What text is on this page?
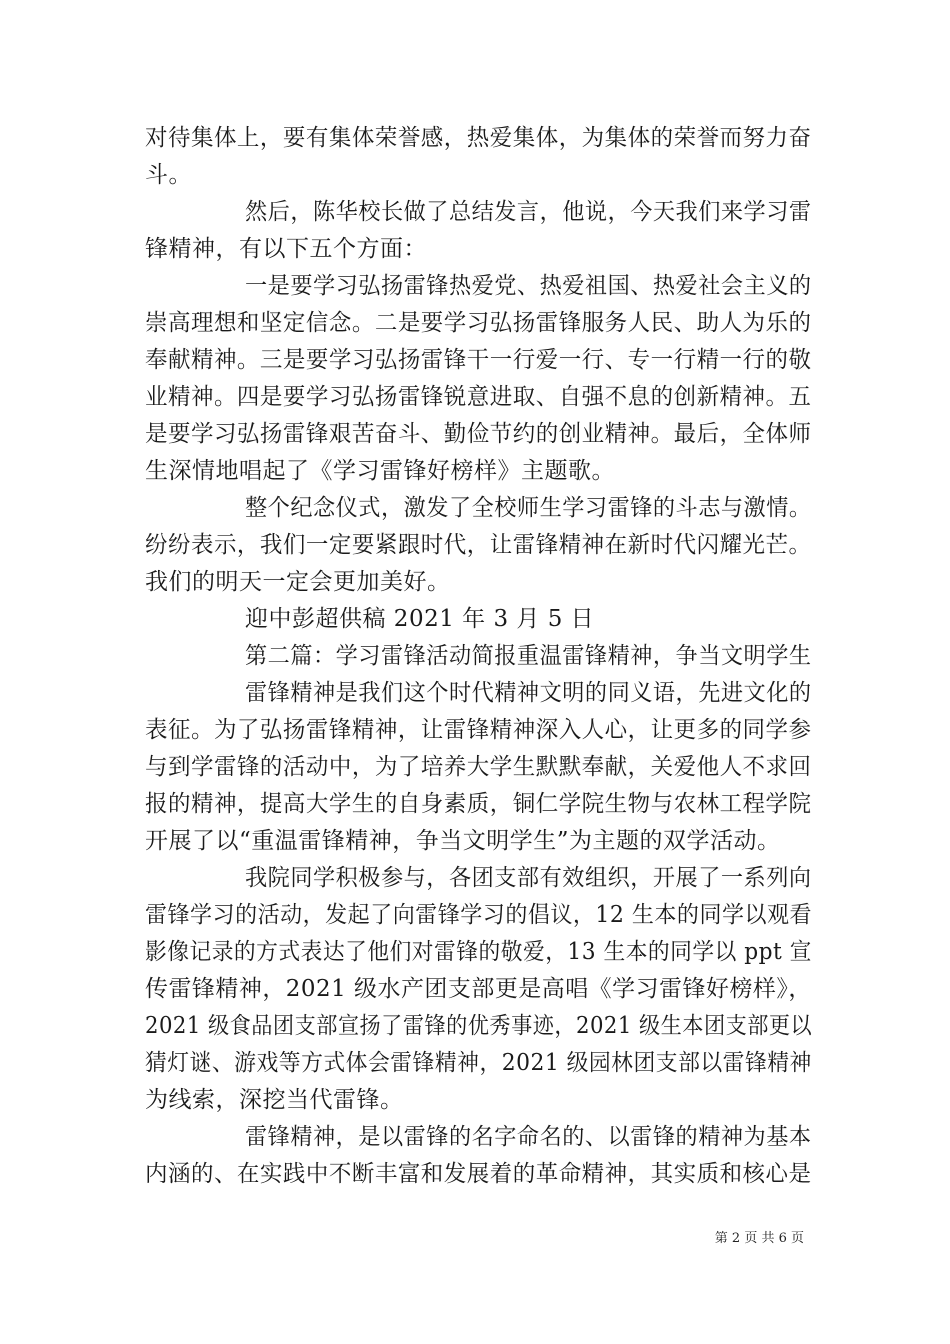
对待集体上，要有集体荣誉感，热爱集体，为集体的荣誉而努力奋
斗。
然后，陈华校长做了总结发言，他说，今天我们来学习雷
锋精神，有以下五个方面：
一是要学习弘扬雷锋热爱党、热爱祖国、热爱社会主义的
崇高理想和坚定信念。二是要学习弘扬雷锋服务人民、助人为乐的
奉献精神。三是要学习弘扬雷锋干一行爱一行、专一行精一行的敬
业精神。四是要学习弘扬雷锋锐意进取、自强不息的创新精神。五
是要学习弘扬雷锋艰苦奋斗、勤俭节约的创业精神。最后，全体师
生深情地唱起了《学习雷锋好榜样》主题歌。
整个纪念仪式，激发了全校师生学习雷锋的斗志与激情。
纷纷表示，我们一定要紧跟时代，让雷锋精神在新时代闪耀光芒。
我们的明天一定会更加美好。
迎中彭超供稿 2021 年 3 月 5 日
第二篇：学习雷锋活动简报重温雷锋精神，争当文明学生
雷锋精神是我们这个时代精神文明的同义语，先进文化的
表征。为了弘扬雷锋精神，让雷锋精神深入人心，让更多的同学参
与到学雷锋的活动中，为了培养大学生默默奉献，关爱他人不求回
报的精神，提高大学生的自身素质，铜仁学院生物与农林工程学院
开展了以“重温雷锋精神，争当文明学生”为主题的双学活动。
我院同学积极参与，各团支部有效组织，开展了一系列向
雷锋学习的活动，发起了向雷锋学习的倡议，12 生本的同学以观看
影像记录的方式表达了他们对雷锋的敬爱，13 生本的同学以 ppt 宣
传雷锋精神，2021 级水产团支部更是高唱《学习雷锋好榜样》，
2021 级食品团支部宣扬了雷锋的优秀事迹，2021 级生本团支部更以
猜灯谜、游戏等方式体会雷锋精神，2021 级园林团支部以雷锋精神
为线索，深挖当代雷锋。
雷锋精神，是以雷锋的名字命名的、以雷锋的精神为基本
内涵的、在实践中不断丰富和发展着的革命精神，其实质和核心是
第 2 页 共 6 页
